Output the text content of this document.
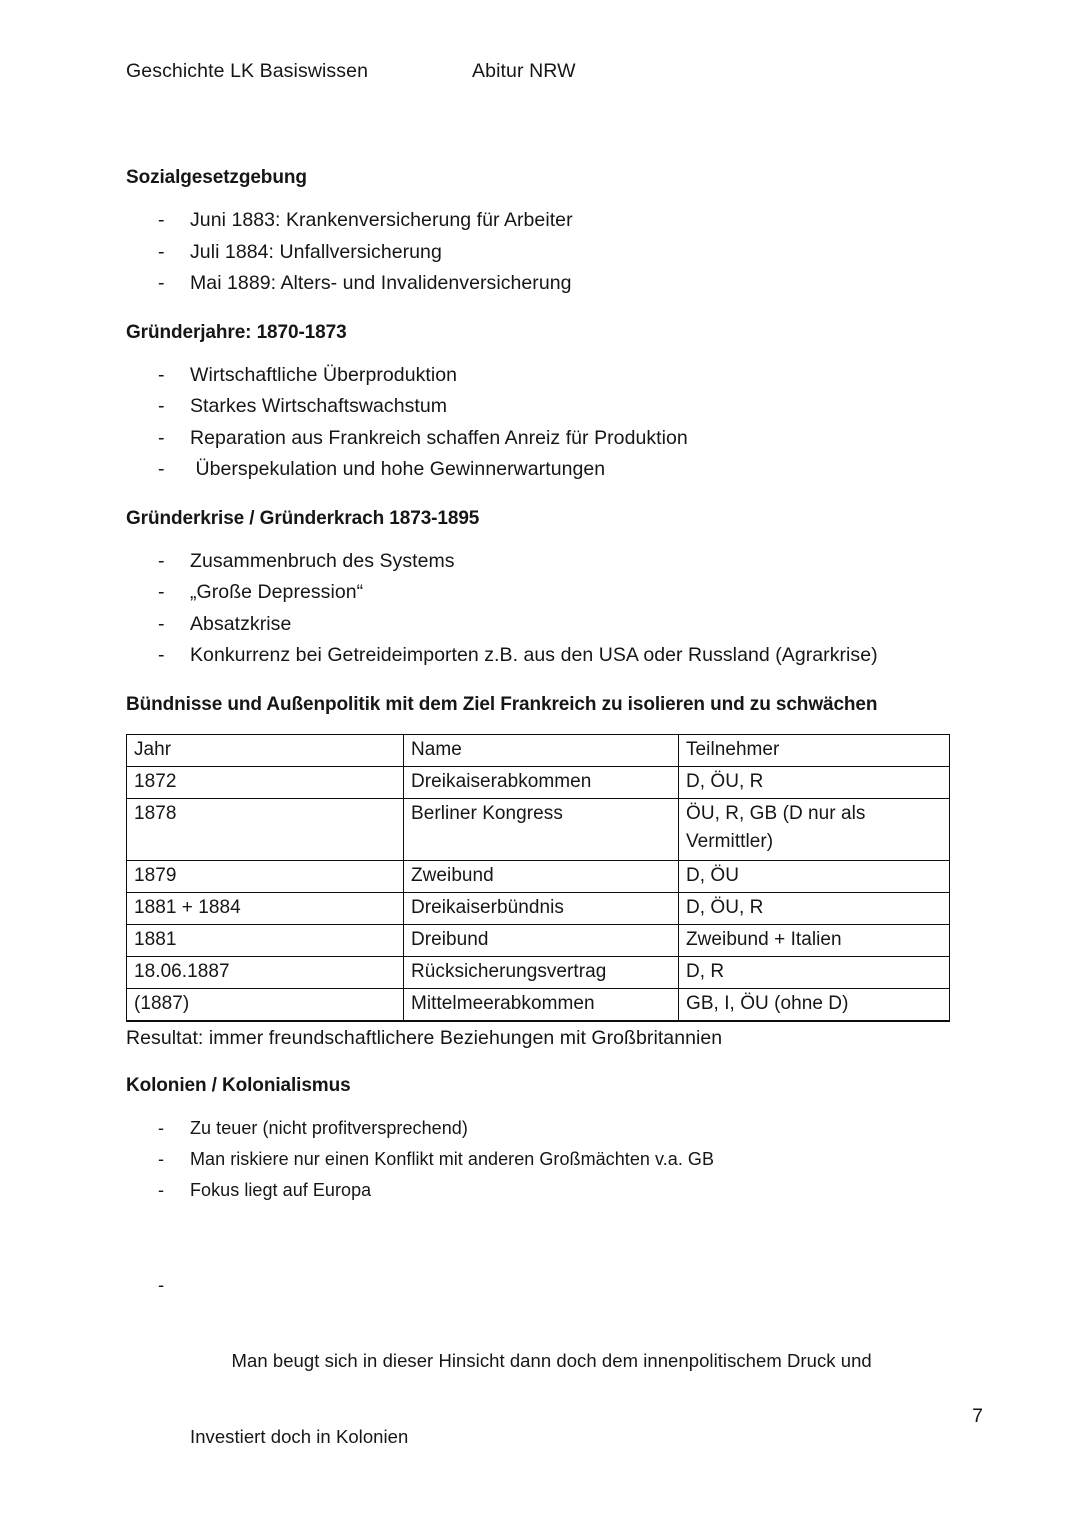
Geschichte LK Basiswissen	Abitur NRW
Sozialgesetzgebung
- Juni 1883: Krankenversicherung für Arbeiter
- Juli 1884: Unfallversicherung
- Mai 1889: Alters- und Invalidenversicherung
Gründerjahre: 1870-1873
- Wirtschaftliche Überproduktion
- Starkes Wirtschaftswachstum
- Reparation aus Frankreich schaffen Anreiz für Produktion
- Überspekulation und hohe Gewinnerwartungen
Gründerkrise / Gründerkrach 1873-1895
- Zusammenbruch des Systems
- „Große Depression“
- Absatzkrise
- Konkurrenz bei Getreideimporten z.B. aus den USA oder Russland (Agrarkrise)
Bündnisse und Außenpolitik mit dem Ziel Frankreich zu isolieren und zu schwächen
Jahr	Name	Teilnehmer
1872	Dreikaiserabkommen	D, ÖU, R
1878	Berliner Kongress	ÖU, R, GB (D nur als Vermittler)
1879	Zweibund	D, ÖU
1881 + 1884	Dreikaiserbündnis	D, ÖU, R
1881	Dreibund	Zweibund + Italien
18.06.1887	Rücksicherungsvertrag	D, R
(1887)	Mittelmeerabkommen	GB, I, ÖU (ohne D)

Resultat: immer freundschaftlichere Beziehungen mit Großbritannien

Kolonien / Kolonialismus
- Zu teuer (nicht profitversprechend)
- Man riskiere nur einen Konflikt mit anderen Großmächten v.a. GB
- Fokus liegt auf Europa

-

Man beugt sich in dieser Hinsicht dann doch dem innenpolitischem Druck und

Investiert doch in Kolonien

7
